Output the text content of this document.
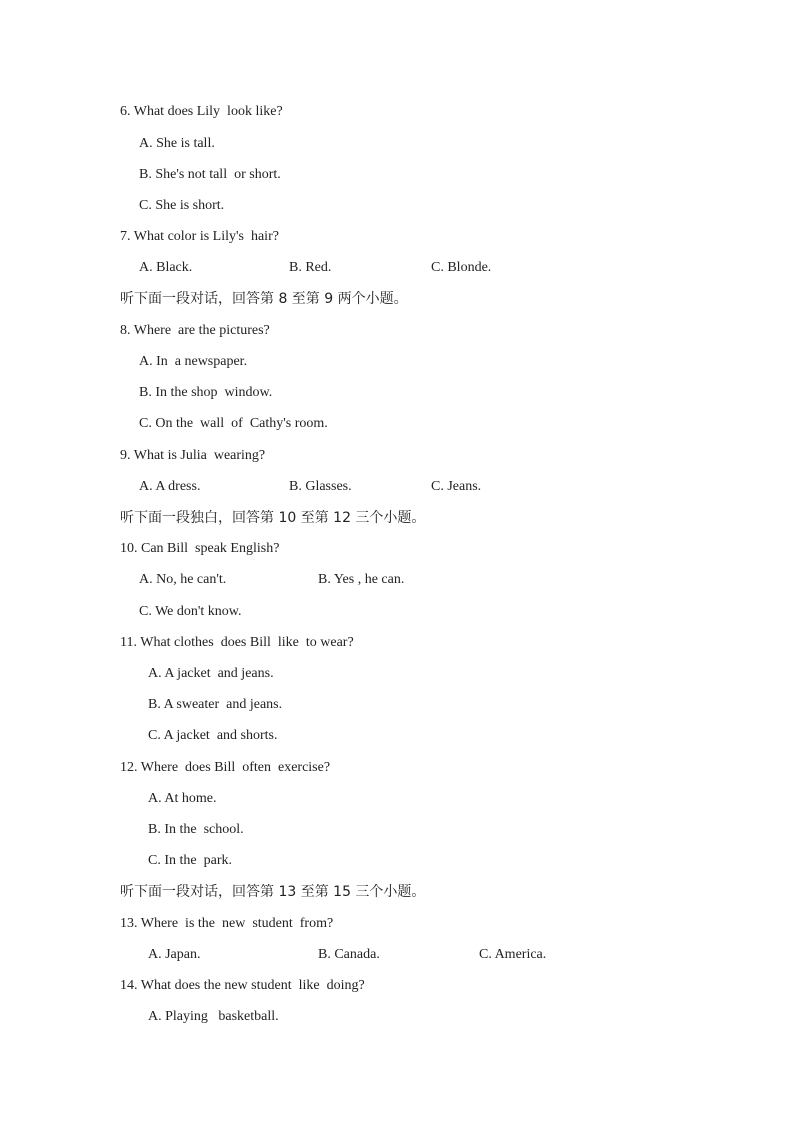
6. What does Lily  look like?
A. She is tall.
B. She's not tall  or short.
C. She is short.
7. What color is Lily's  hair?
A. Black.	B. Red.	C. Blonde.
听下面一段对话，回答第 8 至第 9 两个小题。
8. Where  are the pictures?
A. In  a newspaper.
B. In the shop  window.
C. On the  wall  of  Cathy's room.
9. What is Julia  wearing?
A. A dress.	B. Glasses.	C. Jeans.
听下面一段独白，回答第 10 至第 12 三个小题。
10. Can Bill  speak English?
A. No, he can't.	B. Yes , he can.
C. We don't know.
11. What clothes  does Bill  like  to wear?
A. A jacket  and jeans.
B. A sweater  and jeans.
C. A jacket  and shorts.
12. Where  does Bill  often  exercise?
A. At home.
B. In the  school.
C. In the  park.
听下面一段对话，回答第 13 至第 15 三个小题。
13. Where  is the  new  student  from?
A. Japan.	B. Canada.	C. America.
14. What does the new student  like  doing?
A. Playing   basketball.
